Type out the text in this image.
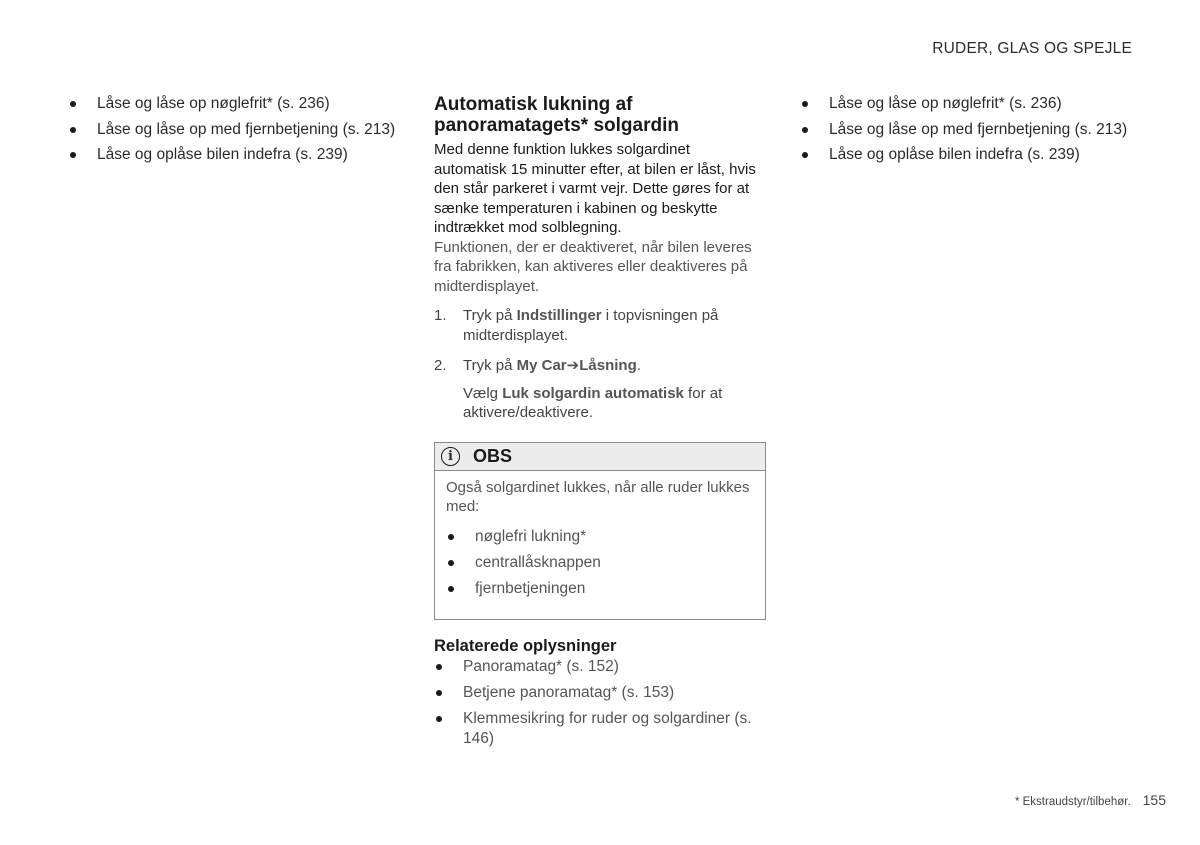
RUDER, GLAS OG SPEJLE
Låse og låse op nøglefrit* (s. 236)
Låse og låse op med fjernbetjening (s. 213)
Låse og oplåse bilen indefra (s. 239)
Automatisk lukning af panoramatagets* solgardin

Med denne funktion lukkes solgardinet automatisk 15 minutter efter, at bilen er låst, hvis den står parkeret i varmt vejr. Dette gøres for at sænke temperaturen i kabinen og beskytte indtrækket mod solblegning.

Funktionen, der er deaktiveret, når bilen leveres fra fabrikken, kan aktiveres eller deaktiveres på midterdisplayet.

1. Tryk på Indstillinger i topvisningen på midterdisplayet.
2. Tryk på My Car➔Låsning.
Vælg Luk solgardin automatisk for at aktivere/deaktivere.
i	OBS

Også solgardinet lukkes, når alle ruder lukkes med:

nøglefri lukning*
centrallåsknappen
fjernbetjeningen
Relaterede oplysninger
Panoramatag* (s. 152)
Betjene panoramatag* (s. 153)
Klemmesikring for ruder og solgardiner (s. 146)
Låse og låse op nøglefrit* (s. 236)
Låse og låse op med fjernbetjening (s. 213)
Låse og oplåse bilen indefra (s. 239)
* Ekstraudstyr/tilbehør. 155
